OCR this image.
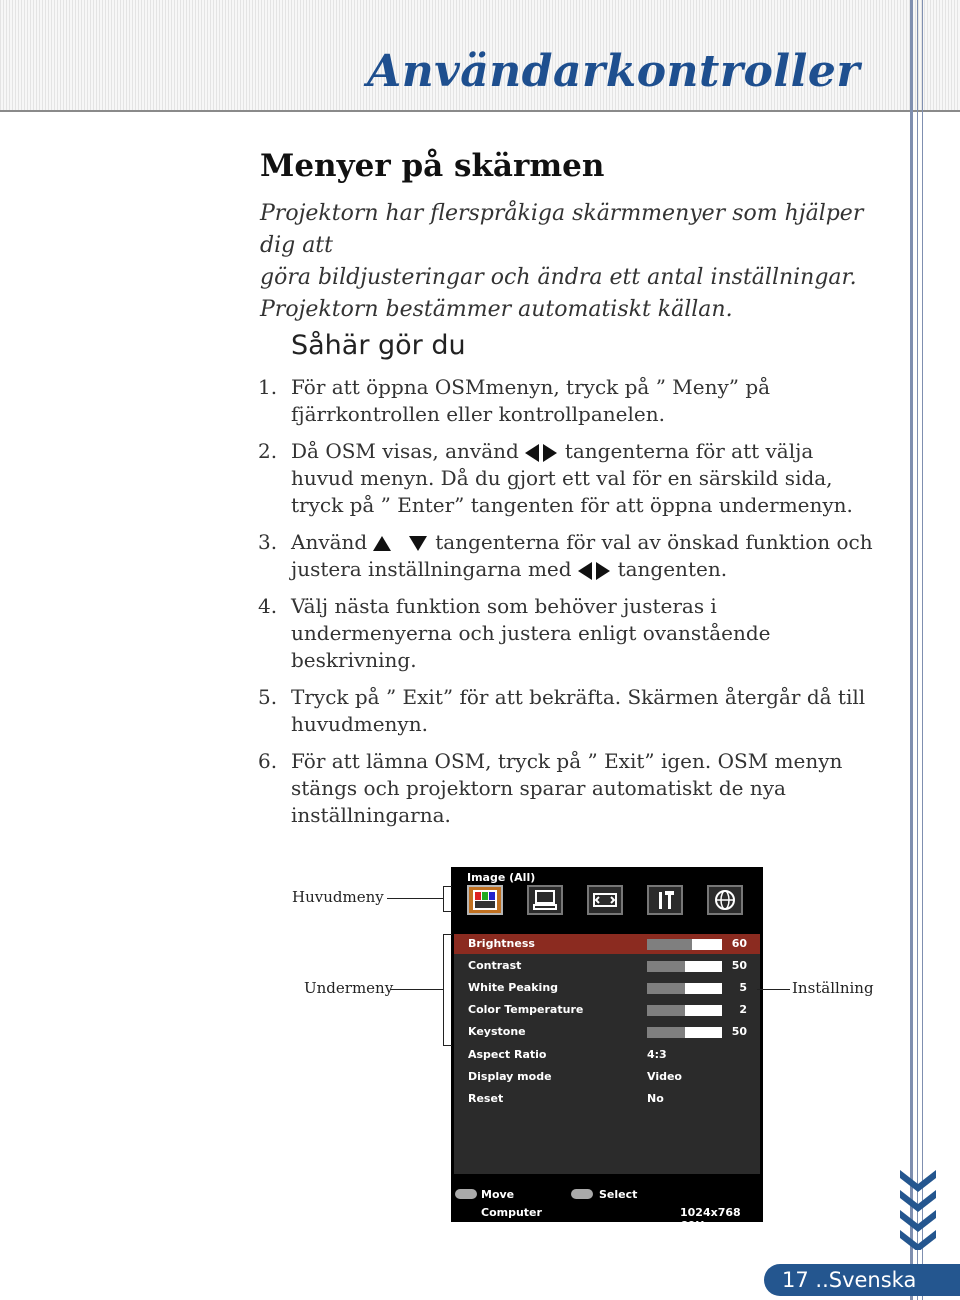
Användarkontroller
Menyer på skärmen

Projektorn har flerspråkiga skärmmenyer som hjälper dig att

göra bildjusteringar och ändra ett antal inställningar.

Projektorn bestämmer automatiskt källan.

Såhär gör du
1. För att öppna OSMmenyn, tryck på ” Meny” på

fjärrkontrollen eller kontrollpanelen.

2. Då OSM visas, använd tangenterna för att välja

huvud menyn. Då du gjort ett val för en särskild sida,

tryck på ” Enter” tangenten för att öppna undermenyn.

3. Använd	tangenterna för val av önskad funktion och

justera inställningarna med tangenten.

4. Välj nästa funktion som behöver justeras i

undermenyerna och justera enligt ovanstående

beskrivning.

5. Tryck på ” Exit” för att bekräfta. Skärmen återgår då till

huvudmenyn.

6. För att lämna OSM, tryck på ” Exit” igen. OSM menyn

stängs och projektorn sparar automatiskt de nya

inställningarna.

Image (All)
Brightness	60
Contrast	50
White Peaking	5
Color Temperature	2
Keystone	50
Aspect Ratio	4:3
Display mode	Video
Reset	No
Move	Select
Computer	1024x768 60Hz
Huvudmeny
Undermeny	Inställning
17 ..Svenska
